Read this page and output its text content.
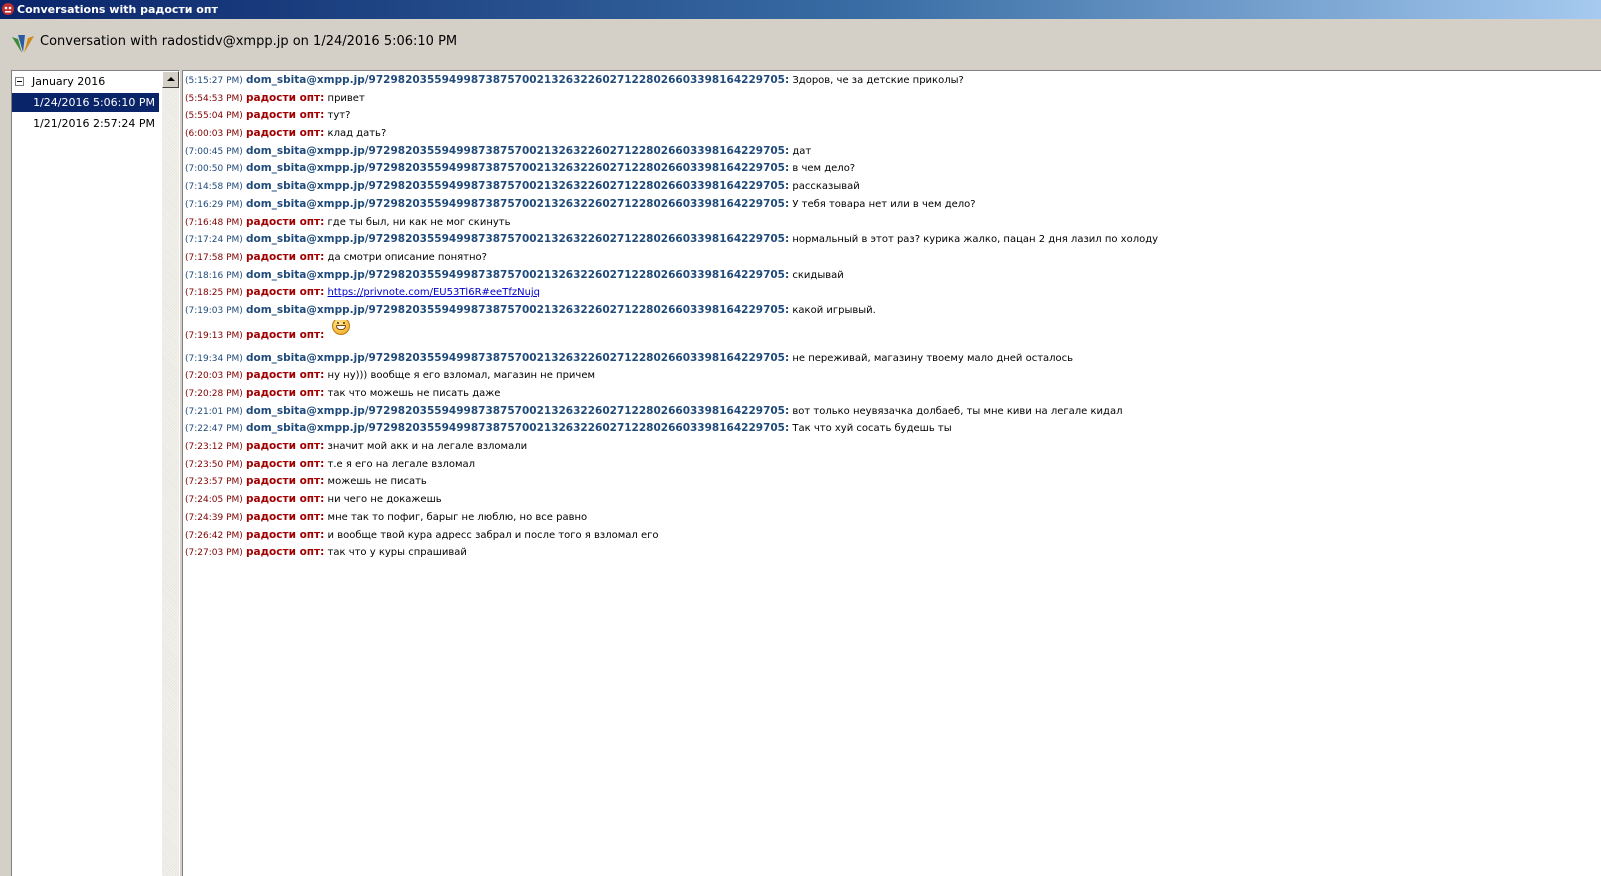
Conversations with радости опт
Conversation with radostidv@xmpp.jp on 1/24/2016 5:06:10 PM
January 2016
1/24/2016 5:06:10 PM
1/21/2016 2:57:24 PM
(5:15:27 PM) dom_sbita@xmpp.jp/97298203559499873875700213263226027122802660339816422970​5: Здоров, че за детские приколы?
(5:54:53 PM) радости опт: привет
(5:55:04 PM) радости опт: тут?
(6:00:03 PM) радости опт: клад дать?
(7:00:45 PM) dom_sbita@xmpp.jp/97298203559499873875700213263226027122802660339816422970​5: дат
(7:00:50 PM) dom_sbita@xmpp.jp/97298203559499873875700213263226027122802660339816422970​5: в чем дело?
(7:14:58 PM) dom_sbita@xmpp.jp/97298203559499873875700213263226027122802660339816422970​5: рассказывай
(7:16:29 PM) dom_sbita@xmpp.jp/97298203559499873875700213263226027122802660339816422970​5: У тебя товара нет или в чем дело?
(7:16:48 PM) радости опт: где ты был, ни как не мог скинуть
(7:17:24 PM) dom_sbita@xmpp.jp/97298203559499873875700213263226027122802660339816422970​5: нормальный в этот раз? курика жалко, пацан 2 дня лазил по холоду
(7:17:58 PM) радости опт: да смотри описание понятно?
(7:18:16 PM) dom_sbita@xmpp.jp/97298203559499873875700213263226027122802660339816422970​5: скидывай
(7:18:25 PM) радости опт: https://privnote.com/EU53Tl6R#eeTfzNujq
(7:19:03 PM) dom_sbita@xmpp.jp/97298203559499873875700213263226027122802660339816422970​5: какой игрывый.
(7:19:13 PM) радости опт:
(7:19:34 PM) dom_sbita@xmpp.jp/97298203559499873875700213263226027122802660339816422970​5: не переживай, магазину твоему мало дней осталось
(7:20:03 PM) радости опт: ну ну))) вообще я его взломал, магазин не причем
(7:20:28 PM) радости опт: так что можешь не писать даже
(7:21:01 PM) dom_sbita@xmpp.jp/97298203559499873875700213263226027122802660339816422970​5: вот только неувязачка долбаеб, ты мне киви на легале кидал
(7:22:47 PM) dom_sbita@xmpp.jp/97298203559499873875700213263226027122802660339816422970​5: Так что хуй сосать будешь ты
(7:23:12 PM) радости опт: значит мой акк и на легале взломали
(7:23:50 PM) радости опт: т.е я его на легале взломал
(7:23:57 PM) радости опт: можешь не писать
(7:24:05 PM) радости опт: ни чего не докажешь
(7:24:39 PM) радости опт: мне так то пофиг, барыг не люблю, но все равно
(7:26:42 PM) радости опт: и вообще твой кура адресс забрал и после того я взломал его
(7:27:03 PM) радости опт: так что у куры спрашивай
